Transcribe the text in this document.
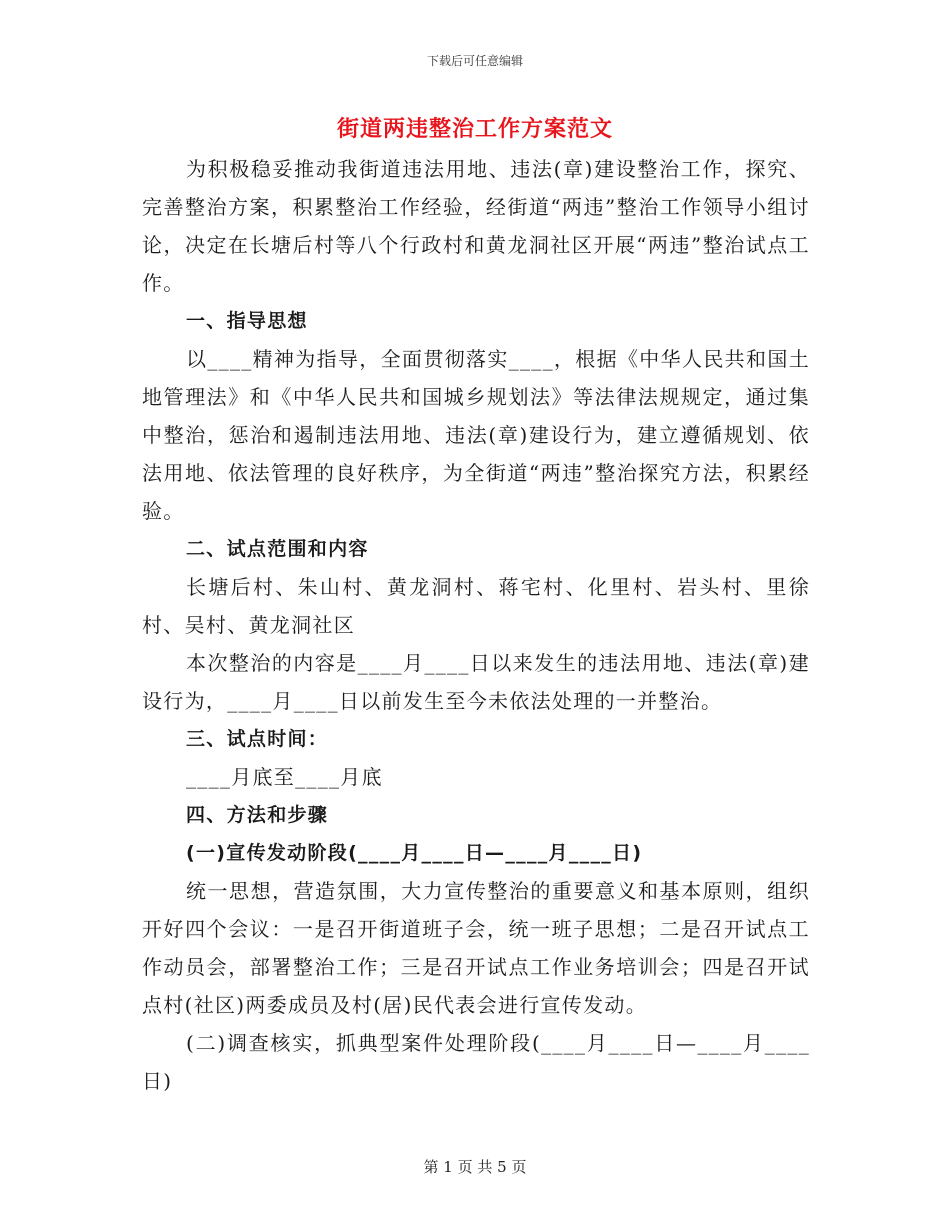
下载后可任意编辑
街道两违整治工作方案范文

为积极稳妥推动我街道违法用地、违法(章)建设整治工作，探究、完善整治方案，积累整治工作经验，经街道“两违”整治工作领导小组讨论，决定在长塘后村等八个行政村和黄龙洞社区开展“两违”整治试点工作。

一、指导思想

以____精神为指导，全面贯彻落实____，根据《中华人民共和国土地管理法》和《中华人民共和国城乡规划法》等法律法规规定，通过集中整治，惩治和遏制违法用地、违法(章)建设行为，建立遵循规划、依法用地、依法管理的良好秩序，为全街道“两违”整治探究方法，积累经验。

二、试点范围和内容

长塘后村、朱山村、黄龙洞村、蒋宅村、化里村、岩头村、里徐村、吴村、黄龙洞社区

本次整治的内容是____月____日以来发生的违法用地、违法(章)建设行为，____月____日以前发生至今未依法处理的一并整治。

三、试点时间：

____月底至____月底

四、方法和步骤

(一)宣传发动阶段(____月____日—____月____日)

统一思想，营造氛围，大力宣传整治的重要意义和基本原则，组织开好四个会议：一是召开街道班子会，统一班子思想；二是召开试点工作动员会，部署整治工作；三是召开试点工作业务培训会；四是召开试点村(社区)两委成员及村(居)民代表会进行宣传发动。

(二)调查核实，抓典型案件处理阶段(____月____日—____月____日)

第 1 页 共 5 页
